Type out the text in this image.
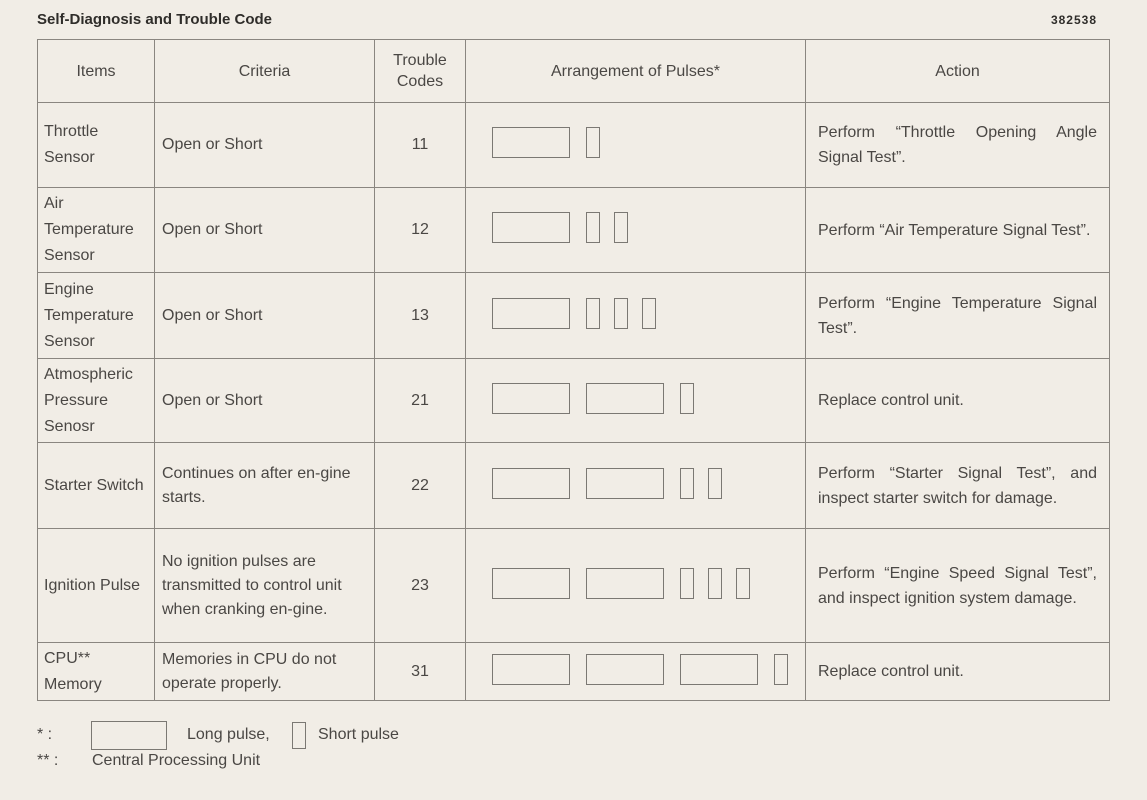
Self-Diagnosis and Trouble Code	382538
Items	Criteria	Trouble Codes	Arrangement of Pulses*	Action
Throttle Sensor	Open or Short	11		Perform “Throttle Opening Angle Signal Test”.
Air Temperature Sensor	Open or Short	12		Perform “Air Temperature Signal Test”.
Engine Temperature Sensor	Open or Short	13		Perform “Engine Temperature Signal Test”.
Atmospheric Pressure Senosr	Open or Short	21		Replace control unit.
Starter Switch	Continues on after en-gine starts.	22		Perform “Starter Signal Test”, and inspect starter switch for damage.
Ignition Pulse	No ignition pulses are transmitted to control unit when cranking en-gine.	23		Perform “Engine Speed Signal Test”, and inspect ignition system damage.
CPU** Memory	Memories in CPU do not operate properly.	31		Replace control unit.
* :	Long pulse,	Short pulse
** : Central Processing Unit
